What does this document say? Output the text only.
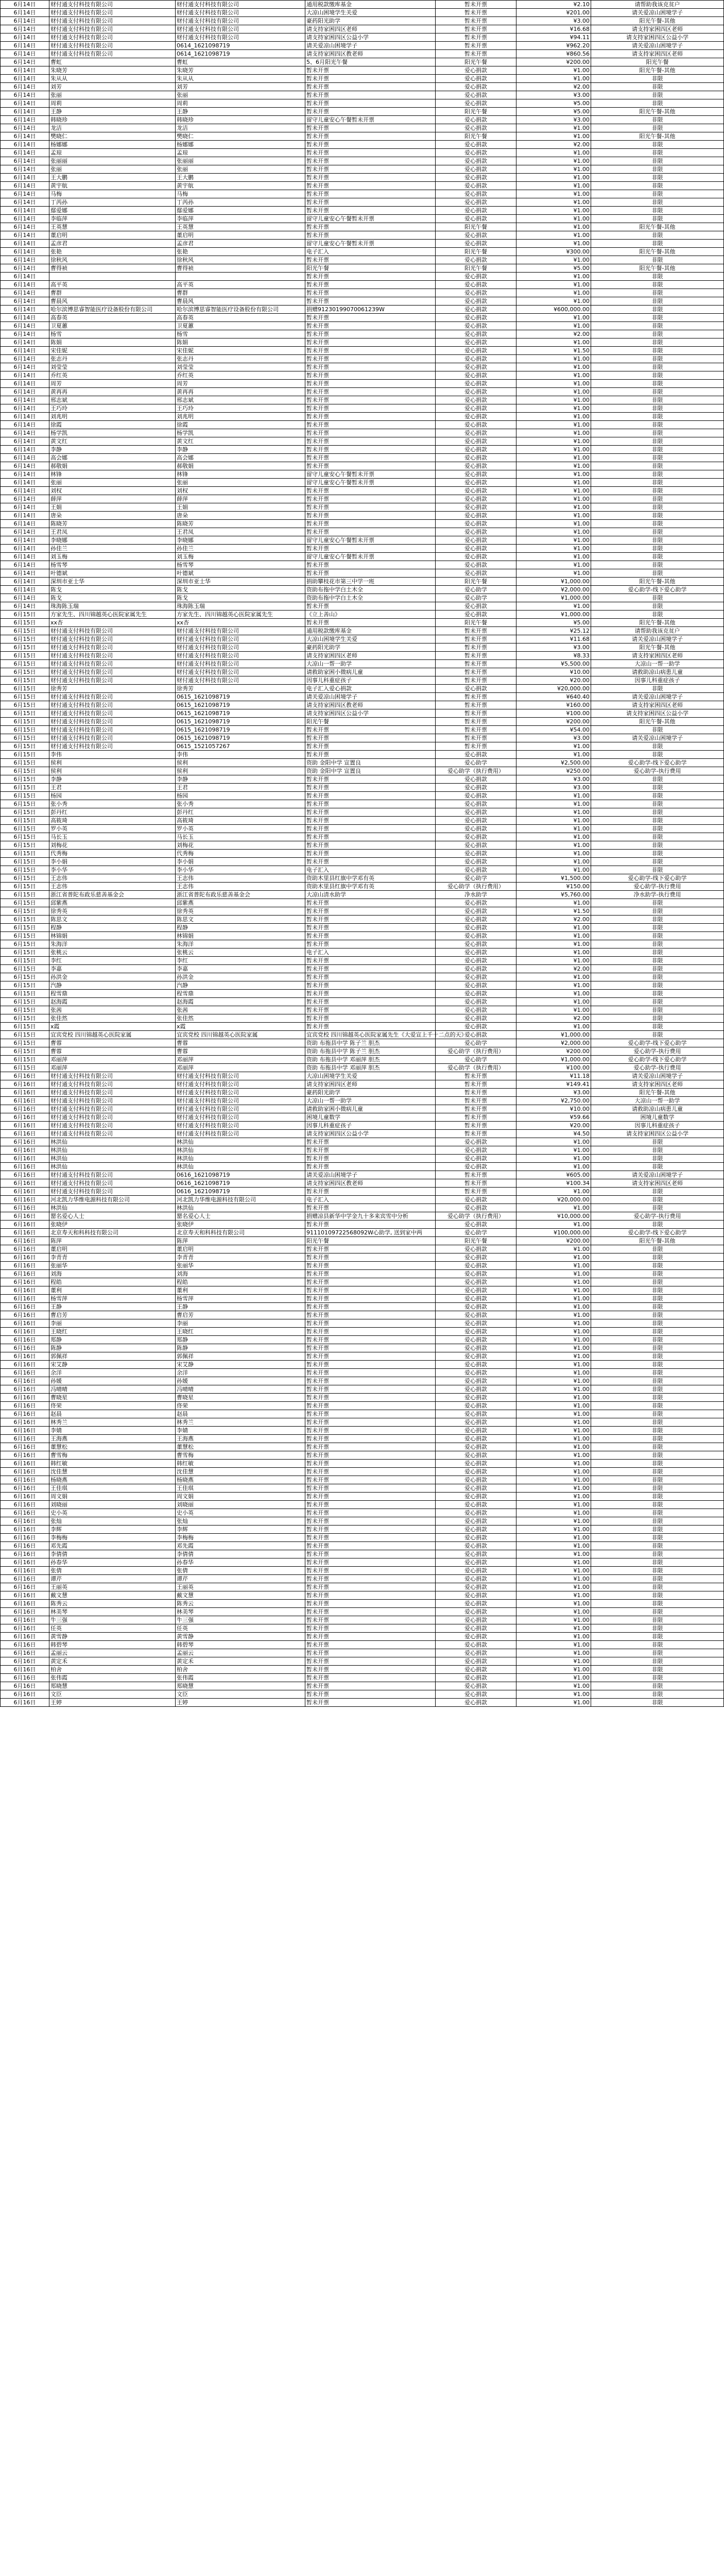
6月14日	财付通支付科技有限公司	财付通支付科技有限公司	通用税款缴库基金	暂未开票	¥2.10	请帮助我该克贫户
6月14日	财付通支付科技有限公司	财付通支付科技有限公司	大凉山困境学生关爱	暂未开票	¥201.00	请关爱凉山困境学子
6月14日	财付通支付科技有限公司	财付通支付科技有限公司	豪药阳光助学	暂未开票	¥3.00	阳光午餐-其他
6月14日	财付通支付科技有限公司	财付通支付科技有限公司	请支持家困四区老师	暂未开票	¥16.68	请支持家困四区老师
6月14日	财付通支付科技有限公司	财付通支付科技有限公司	请支持家困四区公益小学	暂未开票	¥94.11	请支持家困四区公益小学
6月14日	财付通支付科技有限公司	0614_1621098719	请关爱凉山困境学子	暂未开票	¥962.20	请关爱凉山困境学子
6月14日	财付通支付科技有限公司	0614_1621098719	请支持家困四区教老师	暂未开票	¥860.56	请支持家困四区老师
6月14日	曹虹	曹虹	5、6月阳光午餐	阳光午餐	¥200.00	阳光午餐
6月14日	朱晓芳	朱晓芳	暂未开票	爱心捐款	¥1.00	阳光午餐-其他
6月14日	朱从从	朱从从	暂未开票	爱心捐款	¥1.00	非限
6月14日	刘芳	刘芳	暂未开票	爱心捐款	¥2.00	非限
6月14日	张丽	张丽	暂未开票	爱心捐款	¥3.00	非限
6月14日	周莉	周莉	暂未开票	爱心捐款	¥5.00	非限
6月14日	王静	王静	暂未开票	阳光午餐	¥5.00	阳光午餐-其他
6月14日	韩晓珍	韩晓珍	留守儿童安心午餐暂未开票	爱心捐款	¥3.00	非限
6月14日	龙洁	龙洁	暂未开票	爱心捐款	¥1.00	非限
6月14日	樊晓仁	樊晓仁	暂未开票	阳光午餐	¥1.00	阳光午餐-其他
6月14日	杨娜娜	杨娜娜	暂未开票	爱心捐款	¥2.00	非限
6月14日	孟琼	孟琼	暂未开票	爱心捐款	¥1.00	非限
6月14日	张丽丽	张丽丽	暂未开票	爱心捐款	¥1.00	非限
6月14日	张丽	张丽	暂未开票	爱心捐款	¥1.00	非限
6月14日	王大鹏	王大鹏	暂未开票	爱心捐款	¥1.00	非限
6月14日	黄宇航	黄宇航	暂未开票	爱心捐款	¥1.00	非限
6月14日	马梅	马梅	暂未开票	爱心捐款	¥1.00	非限
6月14日	丁芮孙	丁芮孙	暂未开票	爱心捐款	¥1.00	非限
6月14日	鄢爱娜	鄢爱娜	暂未开票	爱心捐款	¥1.00	非限
6月14日	李临萍	李临萍	留守儿童安心午餐暂未开票	爱心捐款	¥1.00	非限
6月14日	王英慧	王英慧	暂未开票	阳光午餐	¥1.00	阳光午餐-其他
6月14日	董启明	董启明	暂未开票	爱心捐款	¥1.00	非限
6月14日	孟彦君	孟彦君	留守儿童安心午餐暂未开票	爱心捐款	¥1.00	非限
6月14日	张艳	张艳	电子汇入	阳光午餐	¥300.00	阳光午餐-其他
6月14日	徐秋风	徐秋风	暂未开票	爱心捐款	¥1.00	非限
6月14日	曹得祯	曹得祯	阳光午餐	阳光午餐	¥5.00	阳光午餐-其他
6月14日			暂未开票	爱心捐款	¥1.00	非限
6月14日	高平英	高平英	暂未开票	爱心捐款	¥1.00	非限
6月14日	曹群	曹群	暂未开票	爱心捐款	¥1.00	非限
6月14日	曹晨风	曹晨风	暂未开票	爱心捐款	¥1.00	非限
6月14日	哈尔滨博思睿智能医疗设备股份有限公司	哈尔滨博思睿智能医疗设备股份有限公司	捐赠91230199070061239W	爱心捐款	¥600,000.00	非限
6月14日	高春英	高春英	暂未开票	爱心捐款	¥1.00	非限
6月14日	卫夏蕙	卫夏蕙	暂未开票	爱心捐款	¥1.00	非限
6月14日	杨雪	杨雪	暂未开票	爱心捐款	¥2.00	非限
6月14日	陈娟	陈娟	暂未开票	爱心捐款	¥1.00	非限
6月14日	宋佳妮	宋佳妮	暂未开票	爱心捐款	¥1.50	非限
6月14日	张志丹	张志丹	暂未开票	爱心捐款	¥1.00	非限
6月14日	刘莹莹	刘莹莹	暂未开票	爱心捐款	¥1.00	非限
6月14日	乔红英	乔红英	暂未开票	爱心捐款	¥1.00	非限
6月14日	周芳	周芳	暂未开票	爱心捐款	¥1.00	非限
6月14日	黄再再	黄再再	暂未开票	爱心捐款	¥1.00	非限
6月14日	邢志斌	邢志斌	暂未开票	爱心捐款	¥1.00	非限
6月14日	王巧玲	王巧玲	暂未开票	爱心捐款	¥1.00	非限
6月14日	刘兆明	刘兆明	暂未开票	爱心捐款	¥1.00	非限
6月14日	徐霞	徐霞	暂未开票	爱心捐款	¥1.00	非限
6月14日	杨学凯	杨学凯	暂未开票	爱心捐款	¥1.00	非限
6月14日	黄文红	黄文红	暂未开票	爱心捐款	¥1.00	非限
6月14日	李静	李静	暂未开票	爱心捐款	¥1.00	非限
6月14日	高会娜	高会娜	暂未开票	爱心捐款	¥1.00	非限
6月14日	郝敬娟	郝敬娟	暂未开票	爱心捐款	¥1.00	非限
6月14日	林锋	林锋	留守儿童安心午餐暂未开票	爱心捐款	¥1.00	非限
6月14日	张丽	张丽	留守儿童安心午餐暂未开票	爱心捐款	¥1.00	非限
6月14日	刘权	刘权	暂未开票	爱心捐款	¥1.00	非限
6月14日	薛萍	薛萍	暂未开票	爱心捐款	¥1.00	非限
6月14日	王娟	王娟	暂未开票	爱心捐款	¥1.00	非限
6月14日	唐朵	唐朵	暂未开票	爱心捐款	¥1.00	非限
6月14日	陈晓芳	陈晓芳	暂未开票	爱心捐款	¥1.00	非限
6月14日	王君凤	王君凤	暂未开票	爱心捐款	¥1.00	非限
6月14日	李晓娜	李晓娜	留守儿童安心午餐暂未开票	爱心捐款	¥1.00	非限
6月14日	孙佳兰	孙佳兰	暂未开票	爱心捐款	¥1.00	非限
6月14日	刘玉梅	刘玉梅	留守儿童安心午餐暂未开票	爱心捐款	¥1.00	非限
6月14日	杨雪琴	杨雪琴	暂未开票	爱心捐款	¥1.00	非限
6月14日	叶德斌	叶德斌	暂未开票	爱心捐款	¥1.00	非限
6月14日	深圳市亚士华	深圳市亚士华	捐助攀枝花市第三中学一班	阳光午餐	¥1,000.00	阳光午餐-其他
6月14日	陈戈	陈戈	资助布拖中学白土木全	爱心助学	¥2,000.00	爱心助学-线下爱心助学
6月14日	陈戈	陈戈	资助布拖中学白土木全	爱心助学	¥1,000.00	非限
6月14日	珠海陈玉瑞	珠海陈玉瑞	暂未开票	爱心捐款	¥1.00	非限
6月15日	方家先生、四川锦越英心医院家属先生	方家先生、四川锦越英心医院家属先生	《立上善山》	爱心捐款	¥1,000.00	非限
6月15日	xx杏	xx杏	暂未开票	阳光午餐	¥5.00	阳光午餐-其他
6月15日	财付通支付科技有限公司	财付通支付科技有限公司	通用税款缴库基金	暂未开票	¥25.12	请帮助我该克贫户
6月15日	财付通支付科技有限公司	财付通支付科技有限公司	大凉山困境学生关爱	暂未开票	¥11.68	请关爱凉山困境学子
6月15日	财付通支付科技有限公司	财付通支付科技有限公司	豪药阳光助学	暂未开票	¥3.00	阳光午餐-其他
6月15日	财付通支付科技有限公司	财付通支付科技有限公司	请支持家困四区老师	暂未开票	¥8.33	请支持家困四区老师
6月15日	财付通支付科技有限公司	财付通支付科技有限公司	大凉山一帮一助学	暂未开票	¥5,500.00	大凉山一帮一助学
6月15日	财付通支付科技有限公司	财付通支付科技有限公司	请救助家困小微病儿童	暂未开票	¥10.00	请救助凉山病患儿童
6月15日	财付通支付科技有限公司	财付通支付科技有限公司	因事儿科重症孩子	暂未开票	¥20.00	因事儿科重症孩子
6月15日	徐秀芳	徐秀芳	电子汇入爱心捐款	爱心捐款	¥20,000.00	非限
6月15日	财付通支付科技有限公司	0615_1621098719	请关爱凉山困境学子	暂未开票	¥640.40	请关爱凉山困境学子
6月15日	财付通支付科技有限公司	0615_1621098719	请支持家困四区教老师	暂未开票	¥160.00	请支持家困四区老师
6月15日	财付通支付科技有限公司	0615_1621098719	请支持家困四区公益小学	暂未开票	¥100.00	请支持家困四区公益小学
6月15日	财付通支付科技有限公司	0615_1621098719	阳光午餐	暂未开票	¥200.00	阳光午餐-其他
6月15日	财付通支付科技有限公司	0615_1621098719	暂未开票	暂未开票	¥54.00	非限
6月15日	财付通支付科技有限公司	0615_1621098719	暂未开票	暂未开票	¥3.00	请关爱凉山困境学子
6月15日	财付通支付科技有限公司	0615_1521057267	暂未开票	暂未开票	¥1.00	非限
6月15日	李伟	李伟	暂未开票	爱心捐款	¥1.00	非限
6月15日	侯利	侯利	资助 金阳中学 宣置良	爱心助学	¥2,500.00	爱心助学-线下爱心助学
6月15日	侯利	侯利	资助 金阳中学 宣置良	爱心助学（执行费用）	¥250.00	爱心助学-执行费用
6月15日	李静	李静	暂未开票	爱心捐款	¥3.00	非限
6月15日	王君	王君	暂未开票	爱心捐款	¥3.00	非限
6月15日	杨园	杨园	暂未开票	爱心捐款	¥1.00	非限
6月15日	张小秀	张小秀	暂未开票	爱心捐款	¥1.00	非限
6月15日	彭丹红	彭丹红	暂未开票	爱心捐款	¥1.00	非限
6月15日	高筱琦	高筱琦	暂未开票	爱心捐款	¥1.00	非限
6月15日	罗小英	罗小英	暂未开票	爱心捐款	¥1.00	非限
6月15日	马长玉	马长玉	暂未开票	爱心捐款	¥1.00	非限
6月15日	刘梅花	刘梅花	暂未开票	爱心捐款	¥1.00	非限
6月15日	代秀梅	代秀梅	暂未开票	爱心捐款	¥1.00	非限
6月15日	李小娟	李小娟	暂未开票	爱心捐款	¥1.00	非限
6月15日	李小华	李小华	电子汇入	爱心捐款	¥1.00	非限
6月15日	王志伟	王志伟	资助木里县红旗中学邓有英	爱心助学	¥1,500.00	爱心助学-线下爱心助学
6月15日	王志伟	王志伟	资助木里县红旗中学邓有英	爱心助学（执行费用）	¥150.00	爱心助学-执行费用
6月15日	浙江省普陀布政乐慈善基金会	浙江省普陀布政乐慈善基金会	大凉山清水助学	净水助学	¥5,760.00	净水助学-执行费用
6月15日	邱紫燕	邱紫燕	暂未开票	爱心捐款	¥1.00	非限
6月15日	徐秀英	徐秀英	暂未开票	爱心捐款	¥1.50	非限
6月15日	陈思文	陈思文	暂未开票	爱心捐款	¥2.00	非限
6月15日	程静	程静	暂未开票	爱心捐款	¥1.00	非限
6月15日	林锦娟	林锦娟	暂未开票	爱心捐款	¥1.00	非限
6月15日	朱海洋	朱海洋	暂未开票	爱心捐款	¥1.00	非限
6月15日	张桃云	张桃云	电子汇入	爱心捐款	¥1.00	非限
6月15日	李红	李红	暂未开票	爱心捐款	¥1.00	非限
6月15日	李嘉	李嘉	暂未开票	爱心捐款	¥2.00	非限
6月15日	孙洪金	孙洪金	暂未开票	爱心捐款	¥1.00	非限
6月15日	汽静	汽静	暂未开票	爱心捐款	¥1.00	非限
6月15日	程雪鼎	程雪鼎	暂未开票	爱心捐款	¥1.00	非限
6月15日	赵海霞	赵海霞	暂未开票	爱心捐款	¥1.00	非限
6月15日	张茜	张茜	暂未开票	爱心捐款	¥1.00	非限
6月15日	张佳然	张佳然	暂未开票	爱心捐款	¥2.00	非限
6月15日	x霞	x霞	暂未开票	爱心捐款	¥1.00	非限
6月15日	宜宾党校 四川锦越英心医院家属	宜宾党校 四川锦越英心医院家属	宜宾党校 四川锦越英心医院家属先生《大爱宣上千十二点的天》	爱心捐款	¥1,000.00	非限
6月15日	曹蓉	曹蓉	资助 布拖县中学 陈子兰 胆杰	爱心助学	¥2,000.00	爱心助学-线下爱心助学
6月15日	曹蓉	曹蓉	资助 布拖县中学 陈子兰 胆杰	爱心助学（执行费用）	¥200.00	爱心助学-执行费用
6月15日	邓丽萍	邓丽萍	资助 布拖县中学 邓丽萍 胆杰	爱心助学	¥1,000.00	爱心助学-线下爱心助学
6月15日	邓丽萍	邓丽萍	资助 布拖县中学 邓丽萍 胆杰	爱心助学（执行费用）	¥100.00	爱心助学-执行费用
6月16日	财付通支付科技有限公司	财付通支付科技有限公司	大凉山困境学生关爱	暂未开票	¥11.18	请关爱凉山困境学子
6月16日	财付通支付科技有限公司	财付通支付科技有限公司	请支持家困四区老师	暂未开票	¥149.41	请支持家困四区老师
6月16日	财付通支付科技有限公司	财付通支付科技有限公司	豪药阳光助学	暂未开票	¥3.00	阳光午餐-其他
6月16日	财付通支付科技有限公司	财付通支付科技有限公司	大凉山一帮一助学	暂未开票	¥2,750.00	大凉山一帮一助学
6月16日	财付通支付科技有限公司	财付通支付科技有限公司	请救助家困小微病儿童	暂未开票	¥10.00	请救助凉山病患儿童
6月16日	财付通支付科技有限公司	财付通支付科技有限公司	困境儿童数学	暂未开票	¥59.66	困境儿童数学
6月16日	财付通支付科技有限公司	财付通支付科技有限公司	因事儿科重症孩子	暂未开票	¥20.00	因事儿科重症孩子
6月16日	财付通支付科技有限公司	财付通支付科技有限公司	请支持家困四区公益小学	暂未开票	¥4.50	请支持家困四区公益小学
6月16日	林洪仙	林洪仙	暂未开票	爱心捐款	¥1.00	非限
6月16日	林洪仙	林洪仙	暂未开票	爱心捐款	¥1.00	非限
6月16日	林洪仙	林洪仙	暂未开票	爱心捐款	¥1.00	非限
6月16日	林洪仙	林洪仙	暂未开票	爱心捐款	¥1.00	非限
6月16日	财付通支付科技有限公司	0616_1621098719	请关爱凉山困境学子	暂未开票	¥605.00	请关爱凉山困境学子
6月16日	财付通支付科技有限公司	0616_1621098719	请支持家困四区教老师	暂未开票	¥100.34	请支持家困四区老师
6月16日	财付通支付科技有限公司	0616_1621098719	暂未开票	暂未开票	¥1.00	非限
6月16日	河北凯力华维电源科技有限公司	河北凯力华维电源科技有限公司	电子汇入	爱心捐款	¥20,000.00	非限
6月16日	林洪仙	林洪仙	暂未开票	爱心捐款	¥1.00	非限
6月16日	罂名爱心人士	罂名爱心人士	捐赠凉县新华中学金九十多来宾雪中分析	爱心助学（执行费用）	¥10,000.00	爱心助学-执行费用
6月16日	张晓伊	张晓伊	暂未开票	爱心捐款	¥1.00	非限
6月16日	北京寿天和科科技有限公司	北京寿天和科科技有限公司	91110109722568092W心助学, 送到家中两	爱心助学	¥100,000.00	爱心助学-线下爱心助学
6月16日	陈萍	陈萍	阳光午餐	阳光午餐	¥200.00	阳光午餐-其他
6月16日	董启明	董启明	暂未开票	爱心捐款	¥1.00	非限
6月16日	李青青	李青青	暂未开票	爱心捐款	¥1.00	非限
6月16日	张丽华	张丽华	暂未开票	爱心捐款	¥1.00	非限
6月16日	刘海	刘海	暂未开票	爱心捐款	¥1.00	非限
6月16日	程皓	程皓	暂未开票	爱心捐款	¥1.00	非限
6月16日	董利	董利	暂未开票	爱心捐款	¥1.00	非限
6月16日	杨雪萍	杨雪萍	暂未开票	爱心捐款	¥1.00	非限
6月16日	王静	王静	暂未开票	爱心捐款	¥1.00	非限
6月16日	曹启芳	曹启芳	暂未开票	爱心捐款	¥1.00	非限
6月16日	李丽	李丽	暂未开票	爱心捐款	¥1.00	非限
6月16日	王晓红	王晓红	暂未开票	爱心捐款	¥1.00	非限
6月16日	郑静	郑静	暂未开票	爱心捐款	¥1.00	非限
6月16日	陈静	陈静	暂未开票	爱心捐款	¥1.00	非限
6月16日	郭佩祥	郭佩祥	暂未开票	爱心捐款	¥1.00	非限
6月16日	宋艾静	宋艾静	暂未开票	爱心捐款	¥1.00	非限
6月16日	余洋	余洋	暂未开票	爱心捐款	¥1.00	非限
6月16日	孙媛	孙媛	暂未开票	爱心捐款	¥1.00	非限
6月16日	冯晴晴	冯晴晴	暂未开票	爱心捐款	¥1.00	非限
6月16日	曹晓星	曹晓星	暂未开票	爱心捐款	¥1.00	非限
6月16日	佟荣	佟荣	暂未开票	爱心捐款	¥1.00	非限
6月16日	赵晨	赵晨	暂未开票	爱心捐款	¥1.00	非限
6月16日	林秀兰	林秀兰	暂未开票	爱心捐款	¥1.00	非限
6月16日	李婧	李婧	暂未开票	爱心捐款	¥1.00	非限
6月16日	王海燕	王海燕	暂未开票	爱心捐款	¥1.00	非限
6月16日	董慧松	董慧松	暂未开票	爱心捐款	¥1.00	非限
6月16日	曹雪梅	曹雪梅	暂未开票	爱心捐款	¥1.00	非限
6月16日	韩红敏	韩红敏	暂未开票	爱心捐款	¥1.00	非限
6月16日	沈佳慧	沈佳慧	暂未开票	爱心捐款	¥1.00	非限
6月16日	杨晓燕	杨晓燕	暂未开票	爱心捐款	¥1.00	非限
6月16日	王佳琪	王佳琪	暂未开票	爱心捐款	¥1.00	非限
6月16日	周文娟	周文娟	暂未开票	爱心捐款	¥1.00	非限
6月16日	刘晓丽	刘晓丽	暂未开票	爱心捐款	¥1.00	非限
6月16日	史小英	史小英	暂未开票	爱心捐款	¥1.00	非限
6月16日	张灿	张灿	暂未开票	爱心捐款	¥1.00	非限
6月16日	李辉	李辉	暂未开票	爱心捐款	¥1.00	非限
6月16日	李梅梅	李梅梅	暂未开票	爱心捐款	¥1.00	非限
6月16日	邓先霞	邓先霞	暂未开票	爱心捐款	¥1.00	非限
6月16日	李倩倩	李倩倩	暂未开票	爱心捐款	¥1.00	非限
6月16日	孙春华	孙春华	暂未开票	爱心捐款	¥1.00	非限
6月16日	张倩	张倩	暂未开票	爱心捐款	¥1.00	非限
6月16日	谭芹	谭芹	暂未开票	爱心捐款	¥1.00	非限
6月16日	王丽英	王丽英	暂未开票	爱心捐款	¥1.00	非限
6月16日	戴文慧	戴文慧	暂未开票	爱心捐款	¥1.00	非限
6月16日	陈秀云	陈秀云	暂未开票	爱心捐款	¥1.00	非限
6月16日	林美琴	林美琴	暂未开票	爱心捐款	¥1.00	非限
6月16日	牛三强	牛三强	暂未开票	爱心捐款	¥1.00	非限
6月16日	任英	任英	暂未开票	爱心捐款	¥1.00	非限
6月16日	黄雪静	黄雪静	暂未开票	爱心捐款	¥1.00	非限
6月16日	韩碧琴	韩碧琴	暂未开票	爱心捐款	¥1.00	非限
6月16日	孟丽云	孟丽云	暂未开票	爱心捐款	¥1.00	非限
6月16日	黄定禾	黄定禾	暂未开票	爱心捐款	¥1.00	非限
6月16日	柏舍	柏舍	暂未开票	爱心捐款	¥1.00	非限
6月16日	张伟霞	张伟霞	暂未开票	爱心捐款	¥1.00	非限
6月16日	郑晓慧	郑晓慧	暂未开票	爱心捐款	¥1.00	非限
6月16日	文臣	文臣	暂未开票	爱心捐款	¥1.00	非限
6月16日	王婷	王婷	暂未开票	爱心捐款	¥1.00	非限
